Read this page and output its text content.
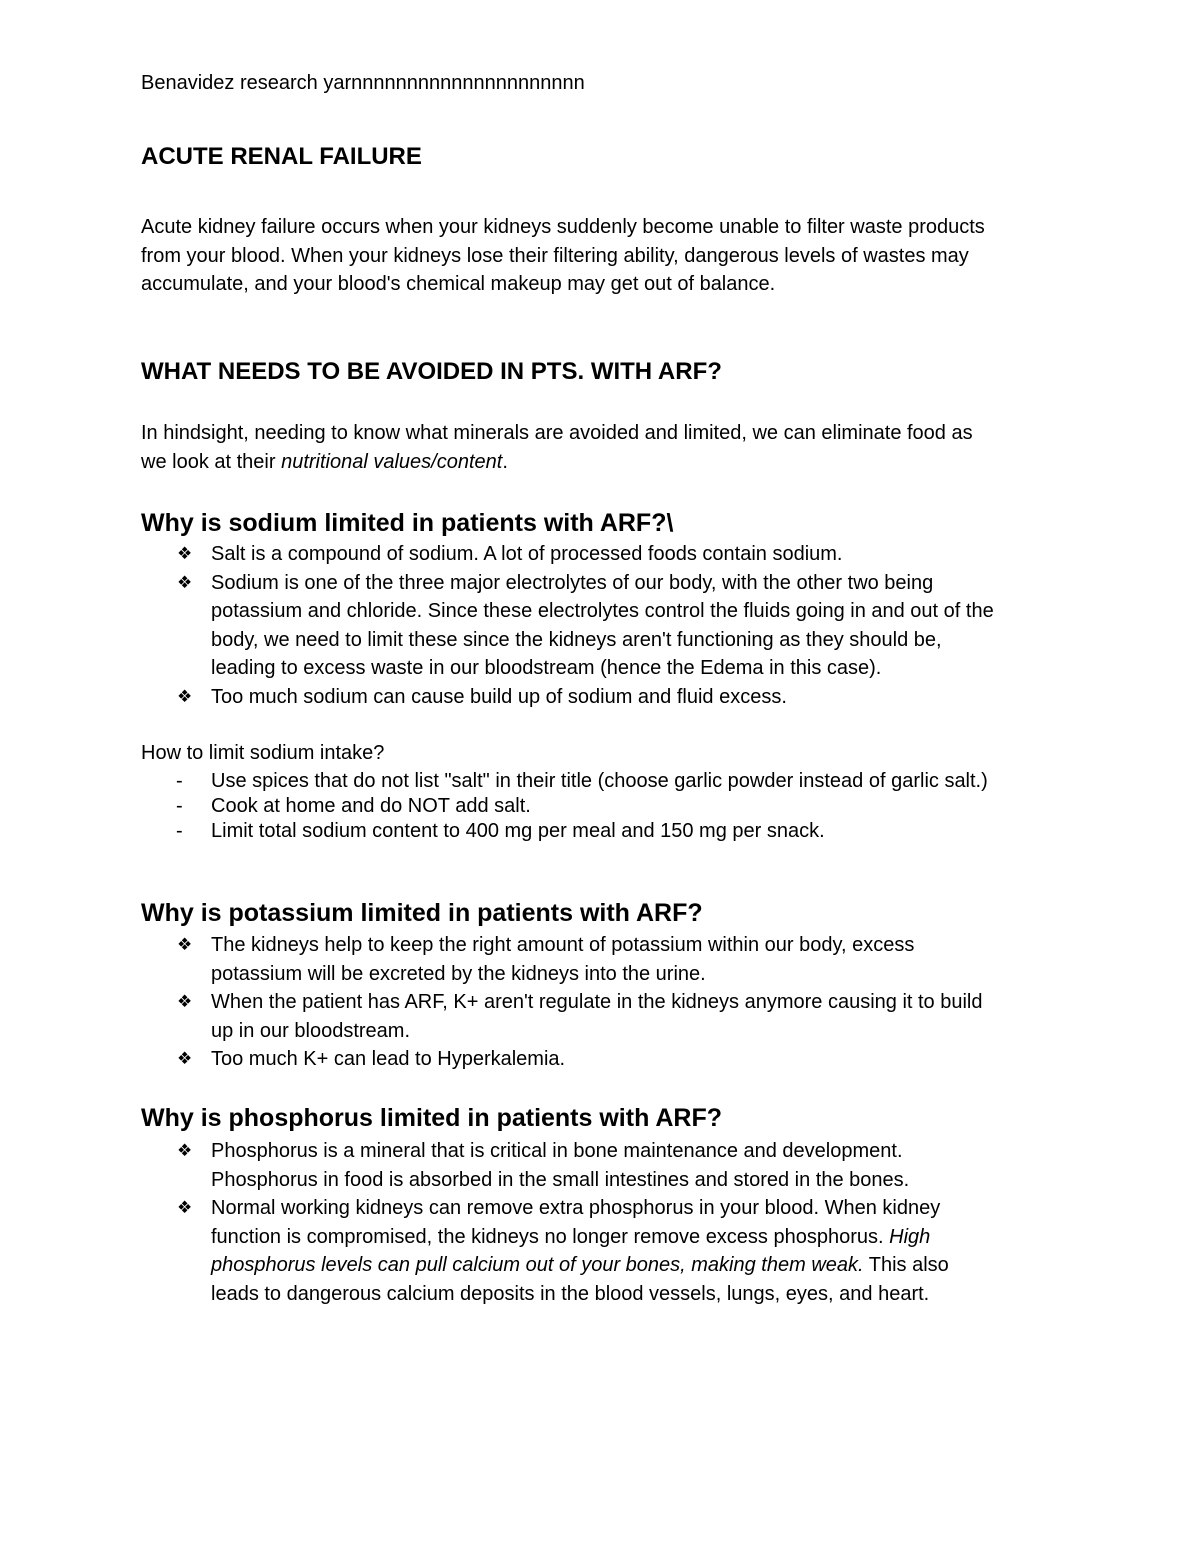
Benavidez research yarnnnnnnnnnnnnnnnnnnnnn

ACUTE RENAL FAILURE
Acute kidney failure occurs when your kidneys suddenly become unable to filter waste products
from your blood. When your kidneys lose their filtering ability, dangerous levels of wastes may
accumulate, and your blood's chemical makeup may get out of balance.
WHAT NEEDS TO BE AVOIDED IN PTS. WITH ARF?
In hindsight, needing to know what minerals are avoided and limited, we can eliminate food as
we look at their nutritional values/content.
Why is sodium limited in patients with ARF?\
❖ Salt is a compound of sodium. A lot of processed foods contain sodium.
❖ Sodium is one of the three major electrolytes of our body, with the other two being
potassium and chloride. Since these electrolytes control the fluids going in and out of the
body, we need to limit these since the kidneys aren't functioning as they should be,
leading to excess waste in our bloodstream (hence the Edema in this case).
❖ Too much sodium can cause build up of sodium and fluid excess.

How to limit sodium intake?

-	Use spices that do not list "salt" in their title (choose garlic powder instead of garlic salt.)
-	Cook at home and do NOT add salt.
-	Limit total sodium content to 400 mg per meal and 150 mg per snack.
Why is potassium limited in patients with ARF?
❖ The kidneys help to keep the right amount of potassium within our body, excess
potassium will be excreted by the kidneys into the urine.
❖ When the patient has ARF, K+ aren't regulate in the kidneys anymore causing it to build
up in our bloodstream.
❖ Too much K+ can lead to Hyperkalemia.
Why is phosphorus limited in patients with ARF?
❖ Phosphorus is a mineral that is critical in bone maintenance and development.
Phosphorus in food is absorbed in the small intestines and stored in the bones.
❖ Normal working kidneys can remove extra phosphorus in your blood. When kidney
function is compromised, the kidneys no longer remove excess phosphorus. High
phosphorus levels can pull calcium out of your bones, making them weak. This also
leads to dangerous calcium deposits in the blood vessels, lungs, eyes, and heart.
